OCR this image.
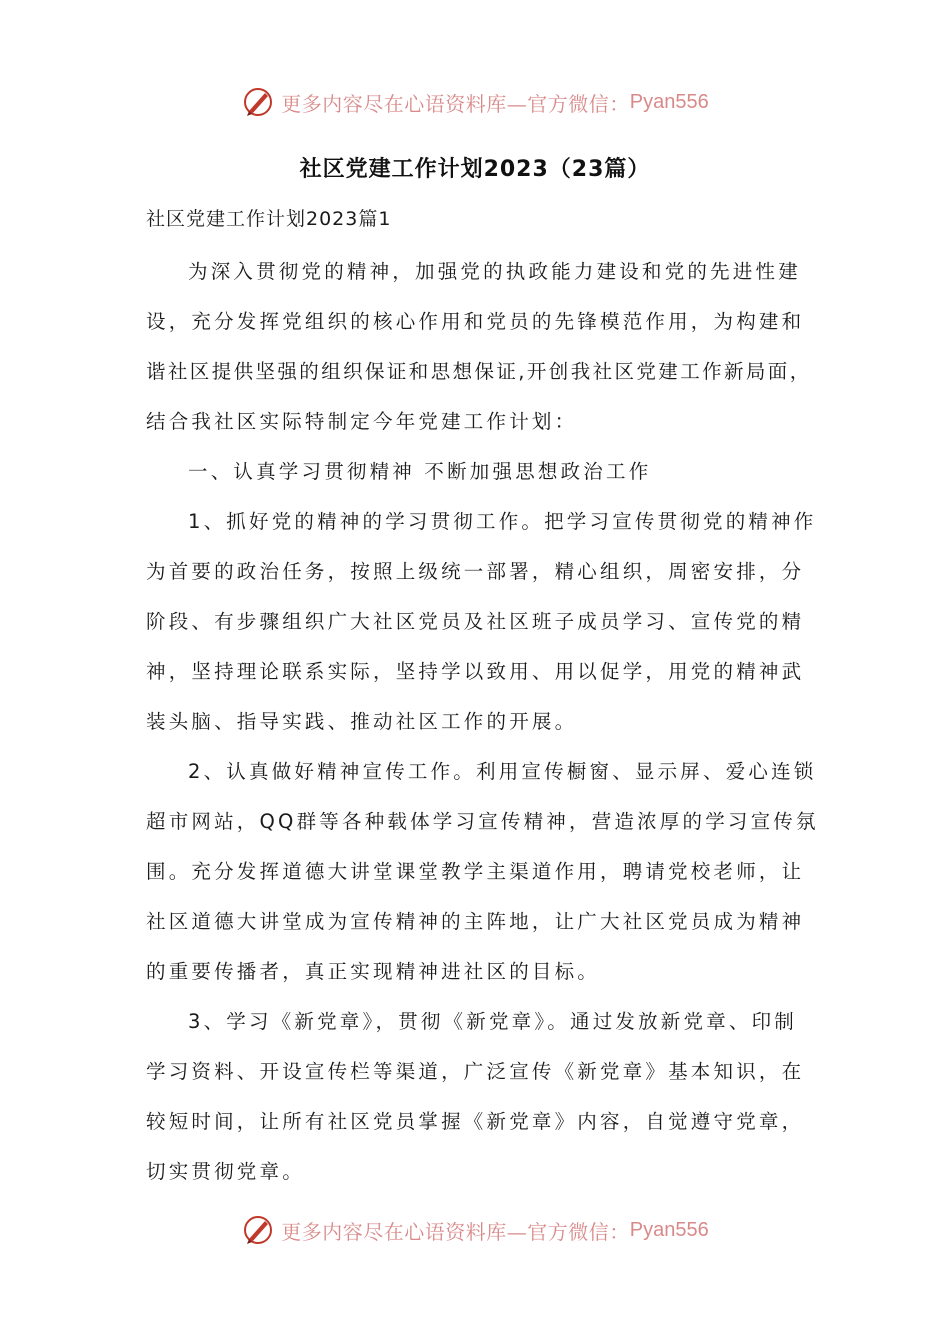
更多内容尽在心语资料库—官方微信： Pyan556
社区党建工作计划2023（23篇）
社区党建工作计划2023篇1
为深入贯彻党的精神，加强党的执政能力建设和党的先进性建
设，充分发挥党组织的核心作用和党员的先锋模范作用，为构建和
谐社区提供坚强的组织保证和思想保证,开创我社区党建工作新局面，
结合我社区实际特制定今年党建工作计划：
一、认真学习贯彻精神 不断加强思想政治工作
1、抓好党的精神的学习贯彻工作。把学习宣传贯彻党的精神作
为首要的政治任务，按照上级统一部署，精心组织，周密安排，分
阶段、有步骤组织广大社区党员及社区班子成员学习、宣传党的精
神，坚持理论联系实际，坚持学以致用、用以促学，用党的精神武
装头脑、指导实践、推动社区工作的开展。
2、认真做好精神宣传工作。利用宣传橱窗、显示屏、爱心连锁
超市网站，QQ群等各种载体学习宣传精神，营造浓厚的学习宣传氛
围。充分发挥道德大讲堂课堂教学主渠道作用，聘请党校老师，让
社区道德大讲堂成为宣传精神的主阵地，让广大社区党员成为精神
的重要传播者，真正实现精神进社区的目标。
3、学习《新党章》，贯彻《新党章》。通过发放新党章、印制
学习资料、开设宣传栏等渠道，广泛宣传《新党章》基本知识，在
较短时间，让所有社区党员掌握《新党章》内容，自觉遵守党章，
切实贯彻党章。
更多内容尽在心语资料库—官方微信： Pyan556
